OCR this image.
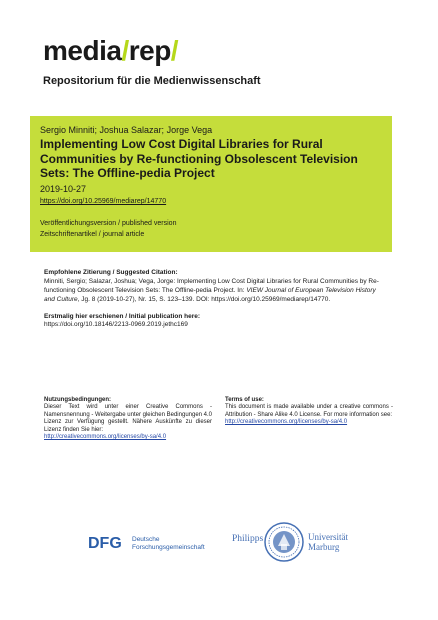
media/rep/
Repositorium für die Medienwissenschaft
Sergio Minniti; Joshua Salazar; Jorge Vega
Implementing Low Cost Digital Libraries for Rural Communities by Re-functioning Obsolescent Television Sets: The Offline-pedia Project
2019-10-27
https://doi.org/10.25969/mediarep/14770
Veröffentlichungsversion / published version
Zeitschriftenartikel / journal article
Empfohlene Zitierung / Suggested Citation:
Minniti, Sergio; Salazar, Joshua; Vega, Jorge: Implementing Low Cost Digital Libraries for Rural Communities by Re-functioning Obsolescent Television Sets: The Offline-pedia Project. In: VIEW Journal of European Television History and Culture, Jg. 8 (2019-10-27), Nr. 15, S. 123–139. DOI: https://doi.org/10.25969/mediarep/14770.
Erstmalig hier erschienen / Initial publication here:
https://doi.org/10.18146/2213-0969.2019.jethc169
Nutzungsbedingungen:
Dieser Text wird unter einer Creative Commons - Namensnennung - Weitergabe unter gleichen Bedingungen 4.0 Lizenz zur Verfügung gestellt. Nähere Auskünfte zu dieser Lizenz finden Sie hier:
http://creativecommons.org/licenses/by-sa/4.0
Terms of use:
This document is made available under a creative commons - Attribution - Share Alike 4.0 License. For more information see:
http://creativecommons.org/licenses/by-sa/4.0
DFG Deutsche
Forschungsgemeinschaft
Philipps	Universität
Marburg
